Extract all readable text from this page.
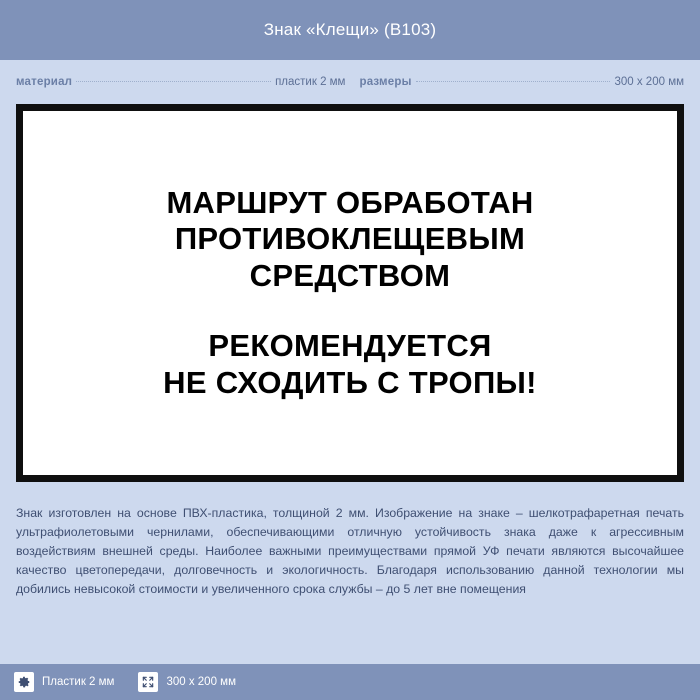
Знак «Клещи» (B103)
материал	пластик 2 мм размеры	300 x 200 мм
МАРШРУТ ОБРАБОТАН
ПРОТИВОКЛЕЩЕВЫМ
СРЕДСТВОМ
РЕКОМЕНДУЕТСЯ
НЕ СХОДИТЬ С ТРОПЫ!
Знак изготовлен на основе ПВХ-пластика, толщиной 2 мм. Изображение на знаке – шелкотрафаретная печать ультрафиолетовыми чернилами, обеспечивающими отличную устойчивость знака даже к агрессивным воздействиям внешней среды. Наиболее важными преимуществами прямой УФ печати являются высочайшее качество цветопередачи, долговечность и экологичность. Благодаря использованию данной технологии мы добились невысокой стоимости и увеличенного срока службы – до 5 лет вне помещения
Пластик 2 мм	300 x 200 мм
